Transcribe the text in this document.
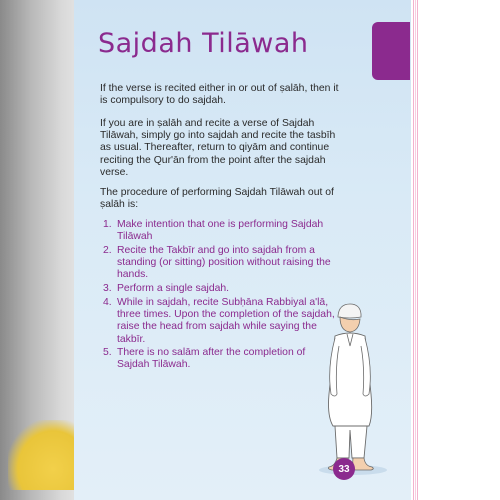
Sajdah Tilāwah	Fiqh

If the verse is recited either in or out of ṣalāh, then it is compulsory to do sajdah.

If you are in ṣalāh and recite a verse of Sajdah Tilāwah, simply go into sajdah and recite the tasbīh as usual. Thereafter, return to qiyām and continue reciting the Qur'ān from the point after the sajdah verse.

The procedure of performing Sajdah Tilāwah out of ṣalāh is:

1. Make intention that one is performing Sajdah Tilāwah
2. Recite the Takbīr and go into sajdah from a standing (or sitting) position without raising the hands.
3. Perform a single sajdah.
4. While in sajdah, recite Subḥāna Rabbiyal a'lā, three times. Upon the completion of the sajdah, raise the head from sajdah while saying the takbīr.
5. There is no salām after the completion of Sajdah Tilāwah.
33
